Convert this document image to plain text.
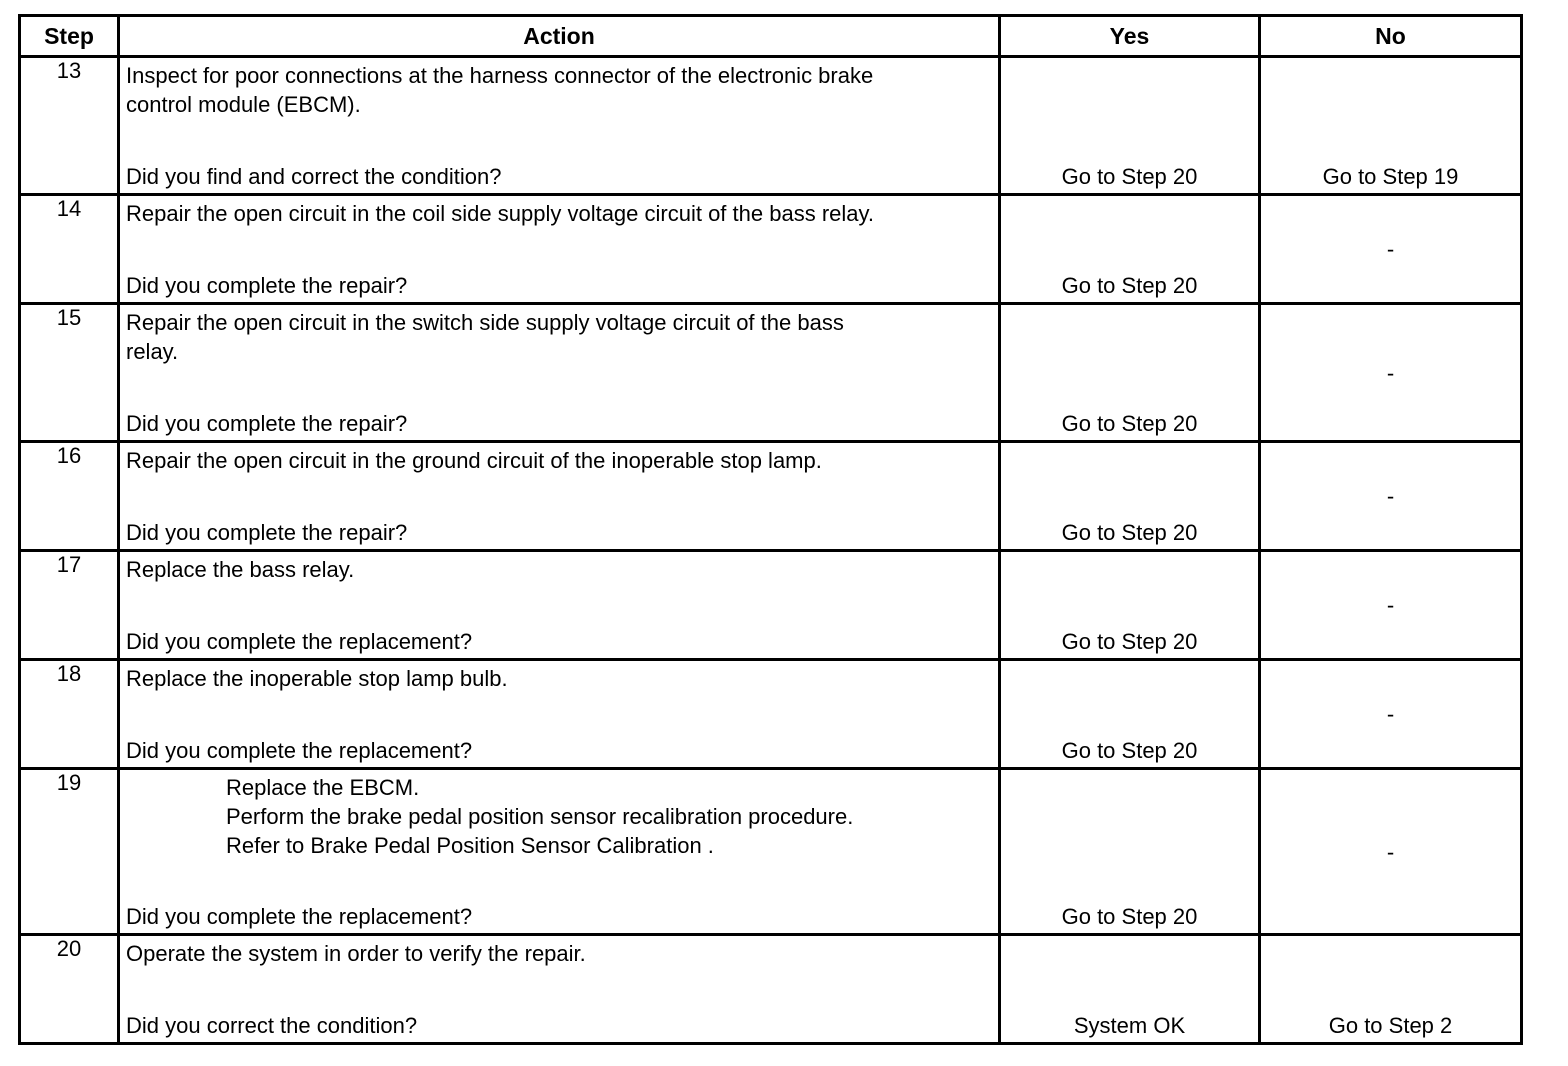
Step	Action	Yes	No
13	Inspect for poor connections at the harness connector of the electronic brake
control module (EBCM).
Did you find and correct the condition?	Go to Step 20	Go to Step 19

14	Repair the open circuit in the coil side supply voltage circuit of the bass relay.
Did you complete the repair?	Go to Step 20	-

15	Repair the open circuit in the switch side supply voltage circuit of the bass
relay.
Did you complete the repair?	Go to Step 20	-

16	Repair the open circuit in the ground circuit of the inoperable stop lamp.
Did you complete the repair?	Go to Step 20	-

17	Replace the bass relay.
Did you complete the replacement?	Go to Step 20	-

18	Replace the inoperable stop lamp bulb.
Did you complete the replacement?	Go to Step 20	-

19	Replace the EBCM.
Perform the brake pedal position sensor recalibration procedure.
Refer to Brake Pedal Position Sensor Calibration .
Did you complete the replacement?	Go to Step 20	-

20	Operate the system in order to verify the repair.
Did you correct the condition?	System OK	Go to Step 2
